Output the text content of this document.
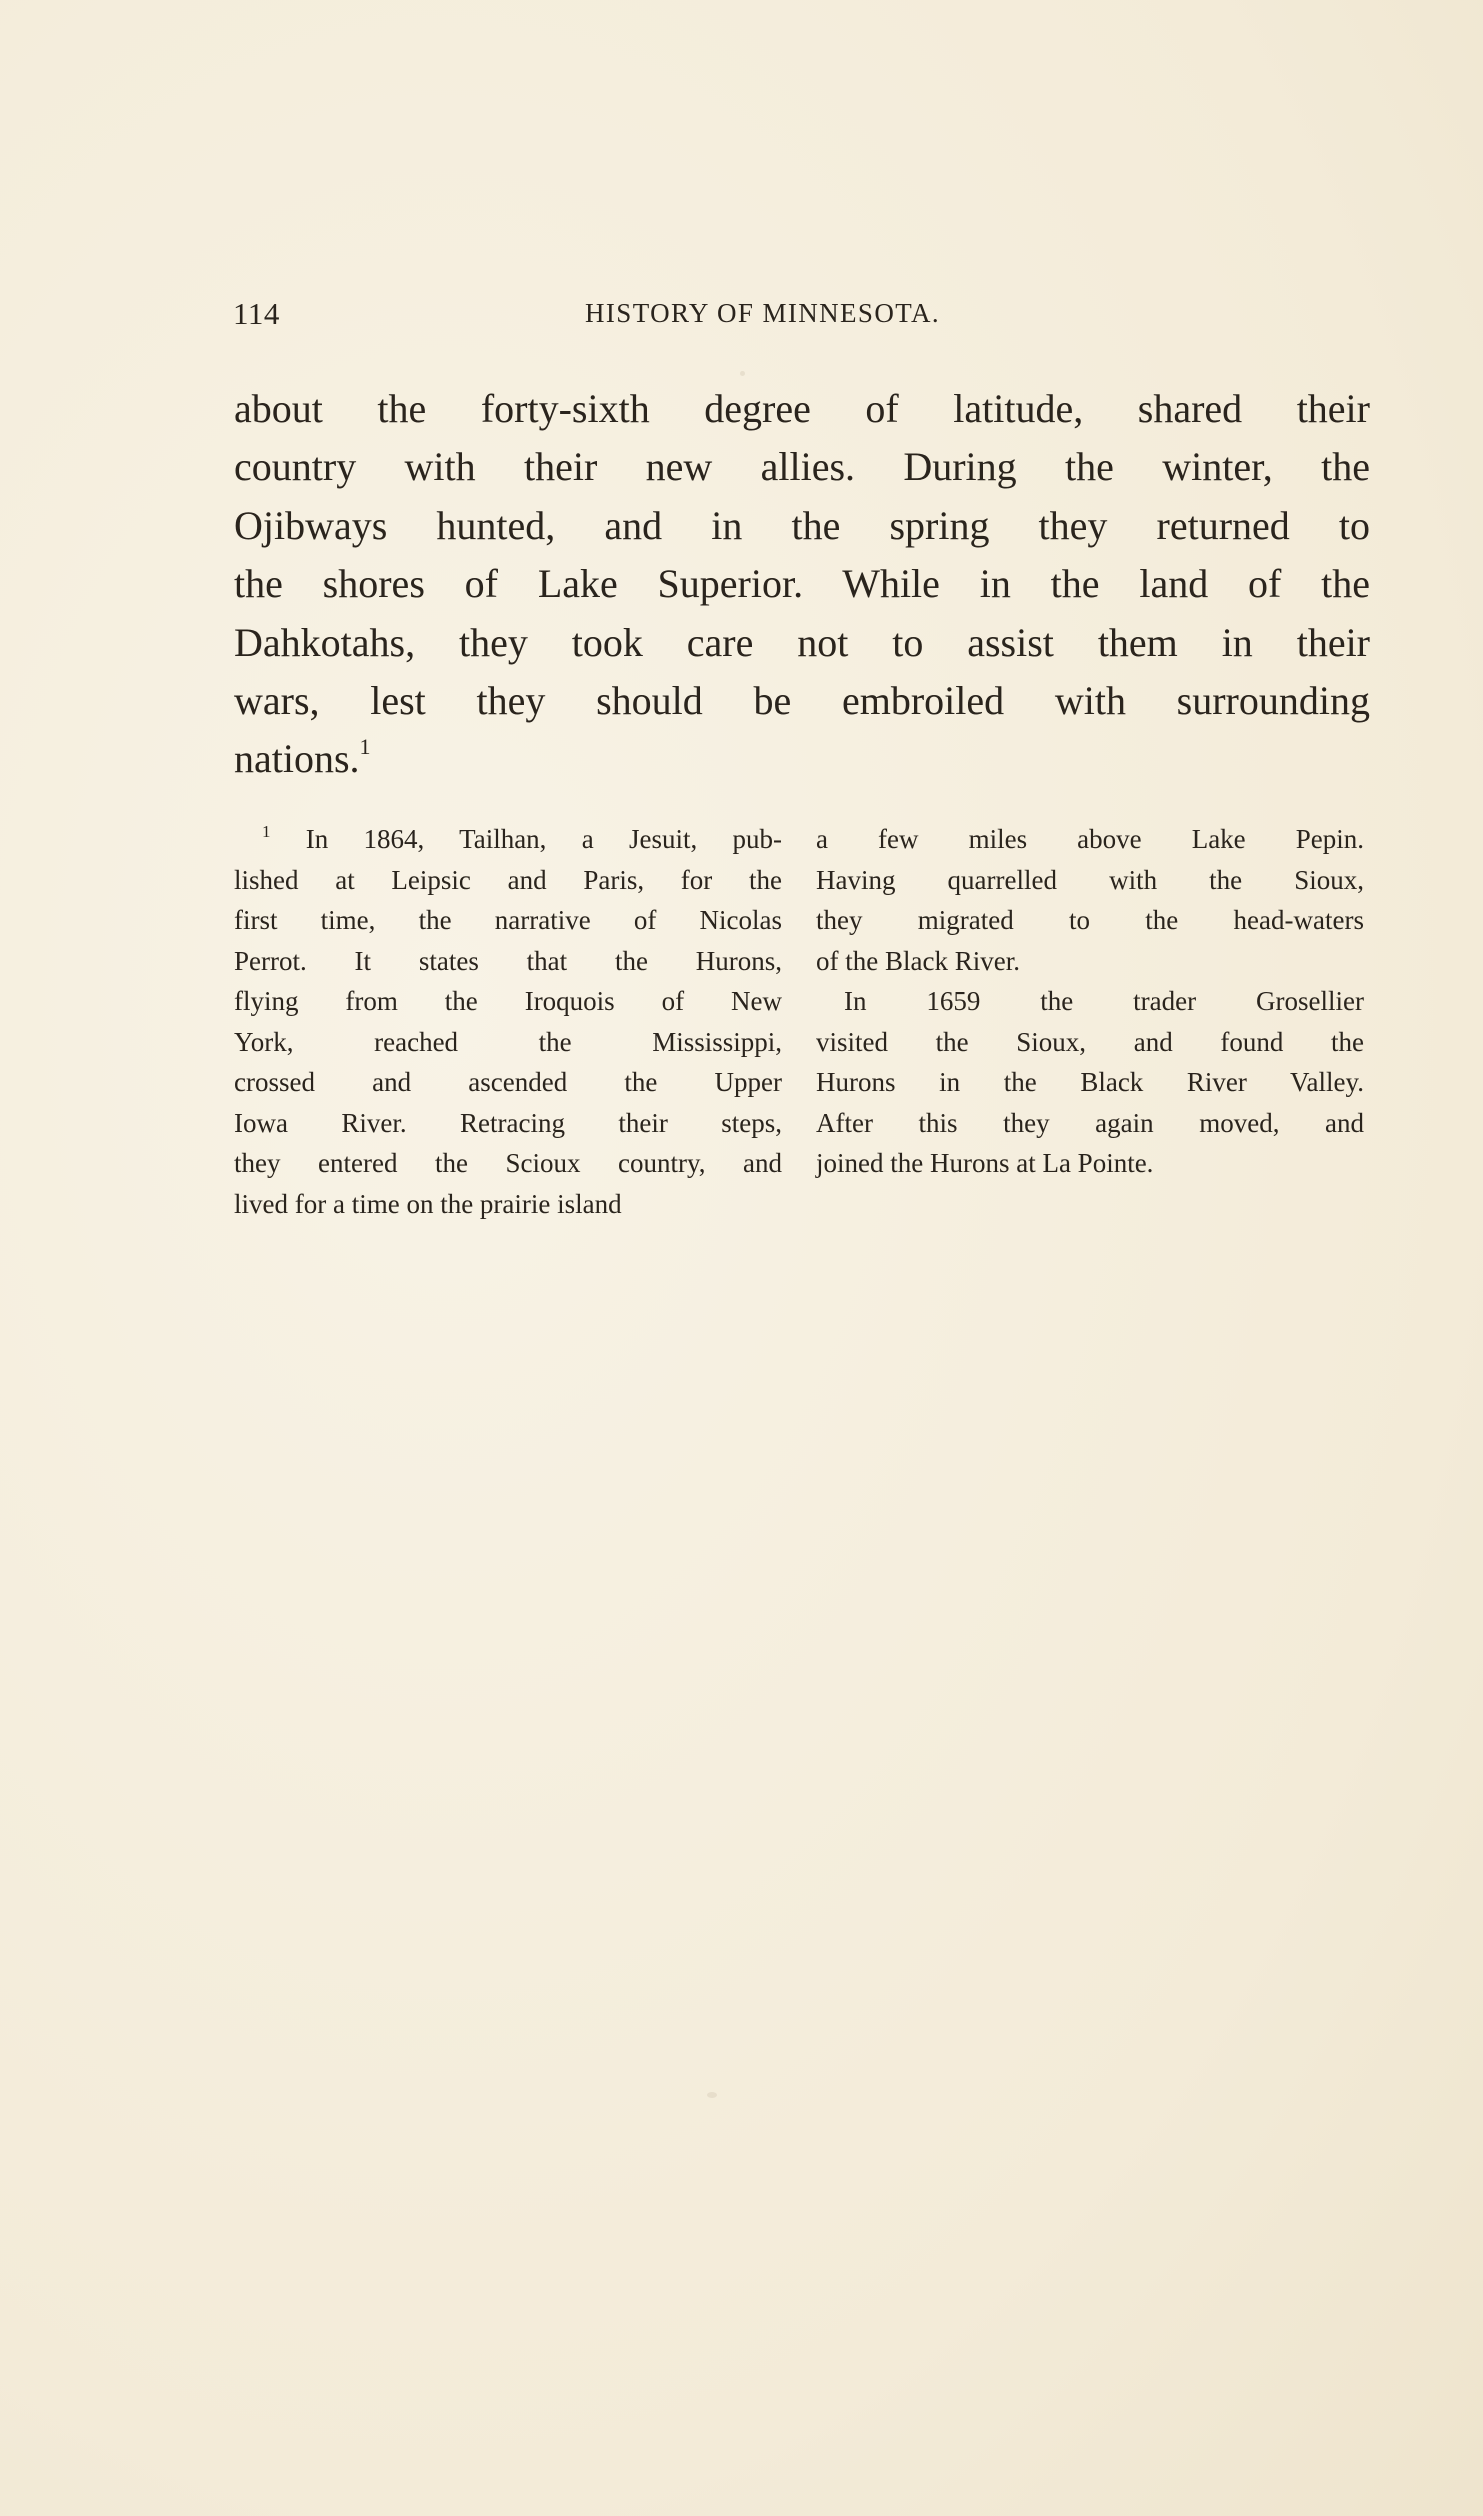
114	HISTORY OF MINNESOTA.
about the forty-sixth degree of latitude, shared their
country with their new allies. During the winter, the
Ojibways hunted, and in the spring they returned to
the shores of Lake Superior. While in the land of the
Dahkotahs, they took care not to assist them in their
wars, lest they should be embroiled with surrounding
nations.$^1$
$^1$ In 1864, Tailhan, a Jesuit, pub-
lished at Leipsic and Paris, for the
first time, the narrative of Nicolas
Perrot. It states that the Hurons,
flying from the Iroquois of New
York, reached the Mississippi,
crossed and ascended the Upper
Iowa River. Retracing their steps,
they entered the Scioux country, and
lived for a time on the prairie island
a few miles above Lake Pepin.
Having quarrelled with the Sioux,
they migrated to the head-waters
of the Black River.
In 1659 the trader Grosellier
visited the Sioux, and found the
Hurons in the Black River Valley.
After this they again moved, and
joined the Hurons at La Pointe.
